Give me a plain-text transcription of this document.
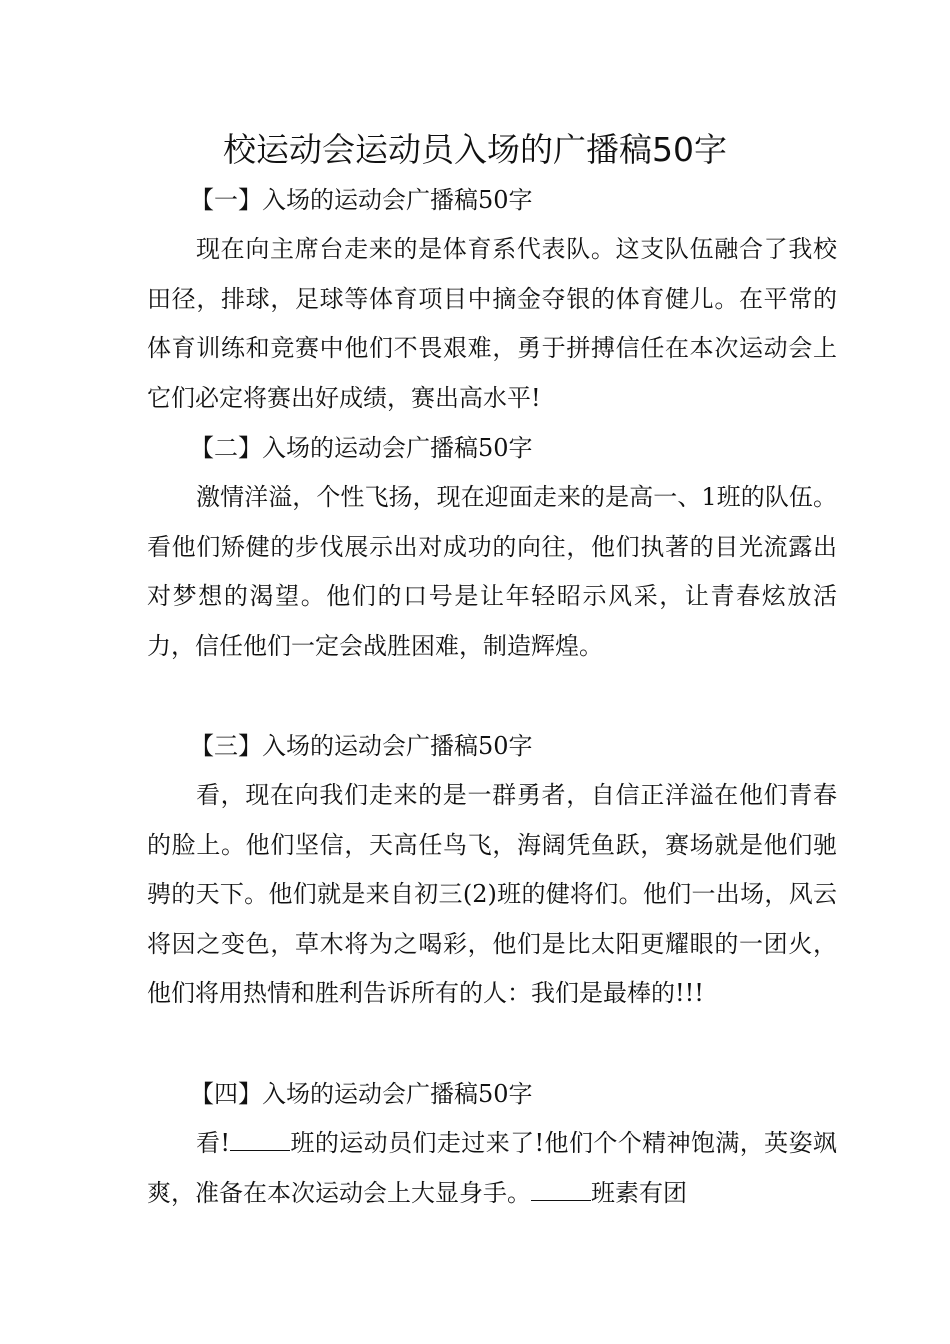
校运动会运动员入场的广播稿50字
【一】入场的运动会广播稿50字

现在向主席台走来的是体育系代表队。这支队伍融合了我校田径，排球，足球等体育项目中摘金夺银的体育健儿。在平常的体育训练和竞赛中他们不畏艰难，勇于拼搏信任在本次运动会上它们必定将赛出好成绩，赛出高水平!

【二】入场的运动会广播稿50字

激情洋溢，个性飞扬，现在迎面走来的是高一、1班的队伍。看他们矫健的步伐展示出对成功的向往，他们执著的目光流露出对梦想的渴望。他们的口号是让年轻昭示风采，让青春炫放活力，信任他们一定会战胜困难，制造辉煌。

【三】入场的运动会广播稿50字

看，现在向我们走来的是一群勇者，自信正洋溢在他们青春的脸上。他们坚信，天高任鸟飞，海阔凭鱼跃，赛场就是他们驰骋的天下。他们就是来自初三(2)班的健将们。他们一出场，风云将因之变色，草木将为之喝彩，他们是比太阳更耀眼的一团火，他们将用热情和胜利告诉所有的人：我们是最棒的!!!

【四】入场的运动会广播稿50字

看!	班的运动员们走过来了!他们个个精神饱满，英姿飒爽，准备在本次运动会上大显身手。	班素有团
